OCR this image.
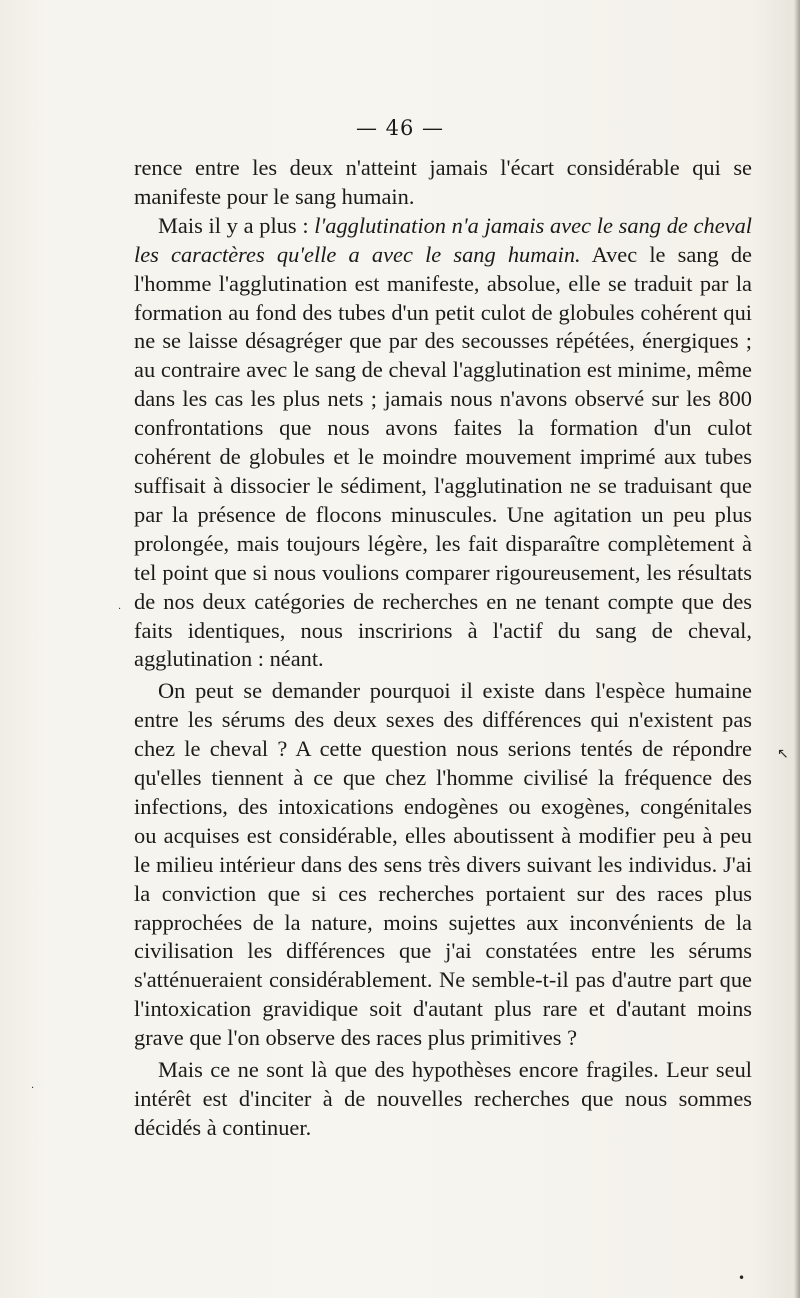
— 46 —

rence entre les deux n'atteint jamais l'écart considérable qui se manifeste pour le sang humain.

Mais il y a plus : l'agglutination n'a jamais avec le sang de cheval les caractères qu'elle a avec le sang humain. Avec le sang de l'homme l'agglutination est manifeste, absolue, elle se traduit par la formation au fond des tubes d'un petit culot de globules cohérent qui ne se laisse désagréger que par des secousses répétées, énergiques ; au contraire avec le sang de cheval l'agglutination est minime, même dans les cas les plus nets ; jamais nous n'avons observé sur les 800 confrontations que nous avons faites la formation d'un culot cohérent de globules et le moindre mouvement imprimé aux tubes suffisait à dissocier le sédiment, l'agglutination ne se traduisant que par la présence de flocons minuscules. Une agitation un peu plus prolongée, mais toujours légère, les fait disparaître complètement à tel point que si nous voulions comparer rigoureusement, les résultats de nos deux catégories de recherches en ne tenant compte que des faits identiques, nous inscririons à l'actif du sang de cheval, agglutination : néant.

On peut se demander pourquoi il existe dans l'espèce humaine entre les sérums des deux sexes des différences qui n'existent pas chez le cheval ? A cette question nous serions tentés de répondre qu'elles tiennent à ce que chez l'homme civilisé la fréquence des infections, des intoxications endogènes ou exogènes, congénitales ou acquises est considérable, elles aboutissent à modifier peu à peu le milieu intérieur dans des sens très divers suivant les individus. J'ai la conviction que si ces recherches portaient sur des races plus rapprochées de la nature, moins sujettes aux inconvénients de la civilisation les différences que j'ai constatées entre les sérums s'atténueraient considérablement. Ne semble-t-il pas d'autre part que l'intoxication gravidique soit d'autant plus rare et d'autant moins grave que l'on observe des races plus primitives ?

Mais ce ne sont là que des hypothèses encore fragiles. Leur seul intérêt est d'inciter à de nouvelles recherches que nous sommes décidés à continuer.

↖
.
·
•
